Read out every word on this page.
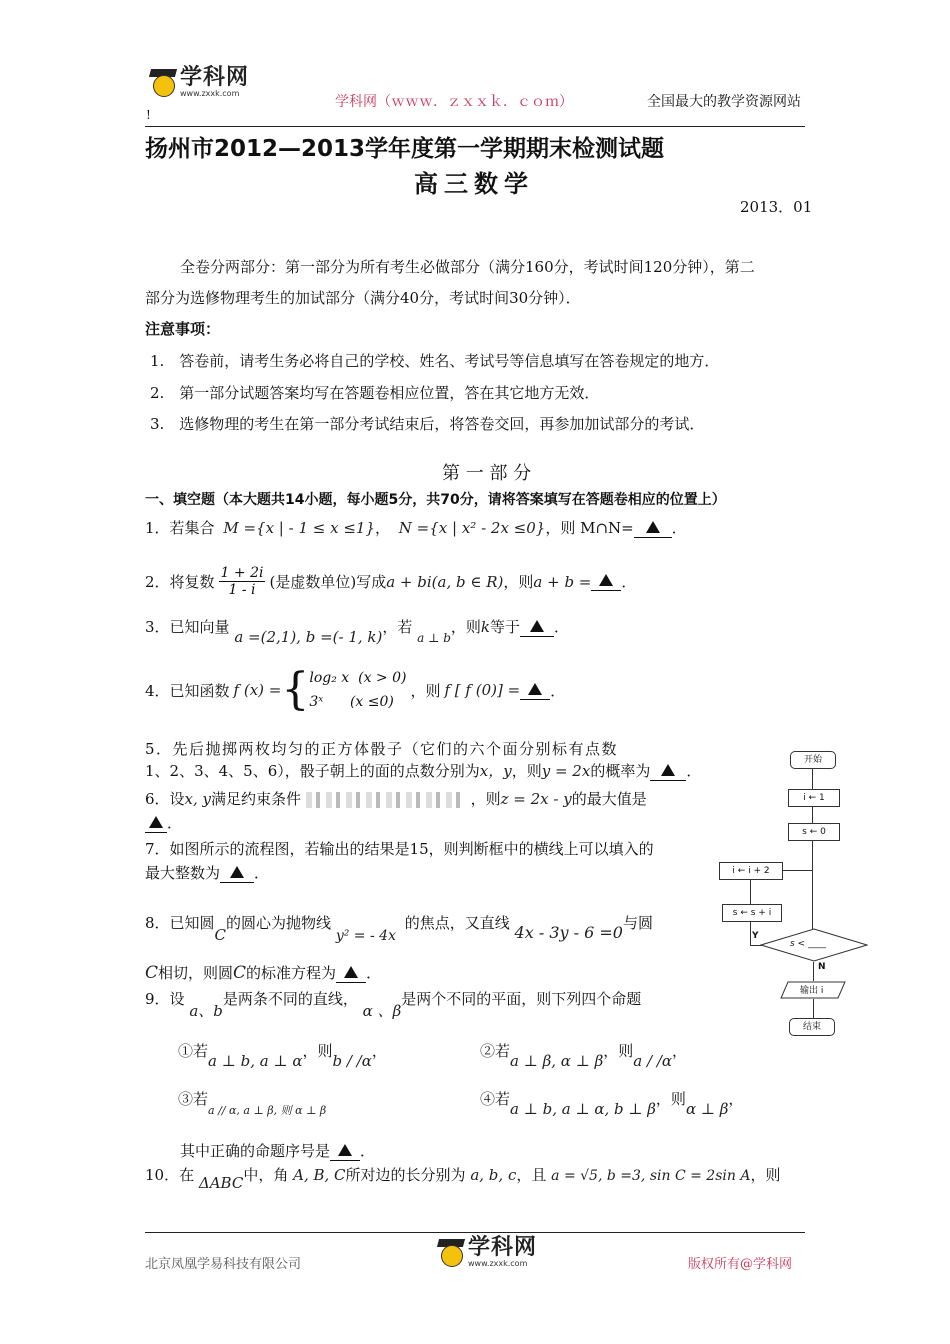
学科网
www.zxxk.com
学科网（ｗｗｗ．ｚｘｘｋ．ｃｏｍ）	全国最大的教学资源网站
!
扬州市2012—2013学年度第一学期期末检测试题
高三数学
2013．01
全卷分两部分：第一部分为所有考生必做部分（满分160分，考试时间120分钟），第二
部分为选修物理考生的加试部分（满分40分，考试时间30分钟）．
注意事项：
1.　答卷前，请考生务必将自己的学校、姓名、考试号等信息填写在答卷规定的地方．
2.　第一部分试题答案均写在答题卷相应位置，答在其它地方无效．
3.　选修物理的考生在第一部分考试结束后，将答卷交回，再参加加试部分的考试．
第 一 部 分
一、填空题（本大题共14小题，每小题5分，共70分，请将答案填写在答题卷相应的位置上）
1．若集合 M ={x | - 1 ≤ x ≤1}， N ={x | x² - 2x ≤0}，则 M∩N=	．
2．将复数 $\frac{1 + 2i}{1 - i}$ (是虚数单位)写成 a + bi(a, b ∈ R) ，则 a + b = ．
3．已知向量 a =(2,1), b =(- 1, k)，若 $_{a \perp b}$，则k等于 ．
4．已知函数 f (x) = { log₂ x  (x > 0)
3ˣ      (x ≤0)
，则 f [ f (0)] = ．
5．先后抛掷两枚均匀的正方体骰子（它们的六个面分别标有点数
1、2、3、4、5、6），骰子朝上的面的点数分别为x，y，则y = 2x的概率为 ．
6．设x, y满足约束条件	，则z = 2x - y的最大值是
．
7．如图所示的流程图，若输出的结果是15，则判断框中的横线上可以填入的
最大整数为 ．
8．已知圆C的圆心为抛物线 y² = - 4x 的焦点，又直线 4x - 3y - 6 =0与圆
C相切，则圆C的标准方程为 ．
9．设 a、b是两条不同的直线， α 、β是两个不同的平面，则下列四个命题
①若a ⊥ b, a ⊥ α，则b / /α，	②若a ⊥ β, α ⊥ β，则a / /α，
③若$_{a // \alpha, a \perp \beta, 则 \alpha \perp \beta}$
④若a ⊥ b, a ⊥ α, b ⊥ β，则α ⊥ β，
其中正确的命题序号是 ．
10．在 ΔABC中，角 A, B, C所对边的长分别为 a, b, c，且 a = √5, b =3, sin C = 2sin A，则
开始
i ← 1
s ← 0
i ← i + 2
s ← s + i
Y
s < ____
N
输出 i
结束
北京凤凰学易科技有限公司
学科网
www.zxxk.com	版权所有@学科网
